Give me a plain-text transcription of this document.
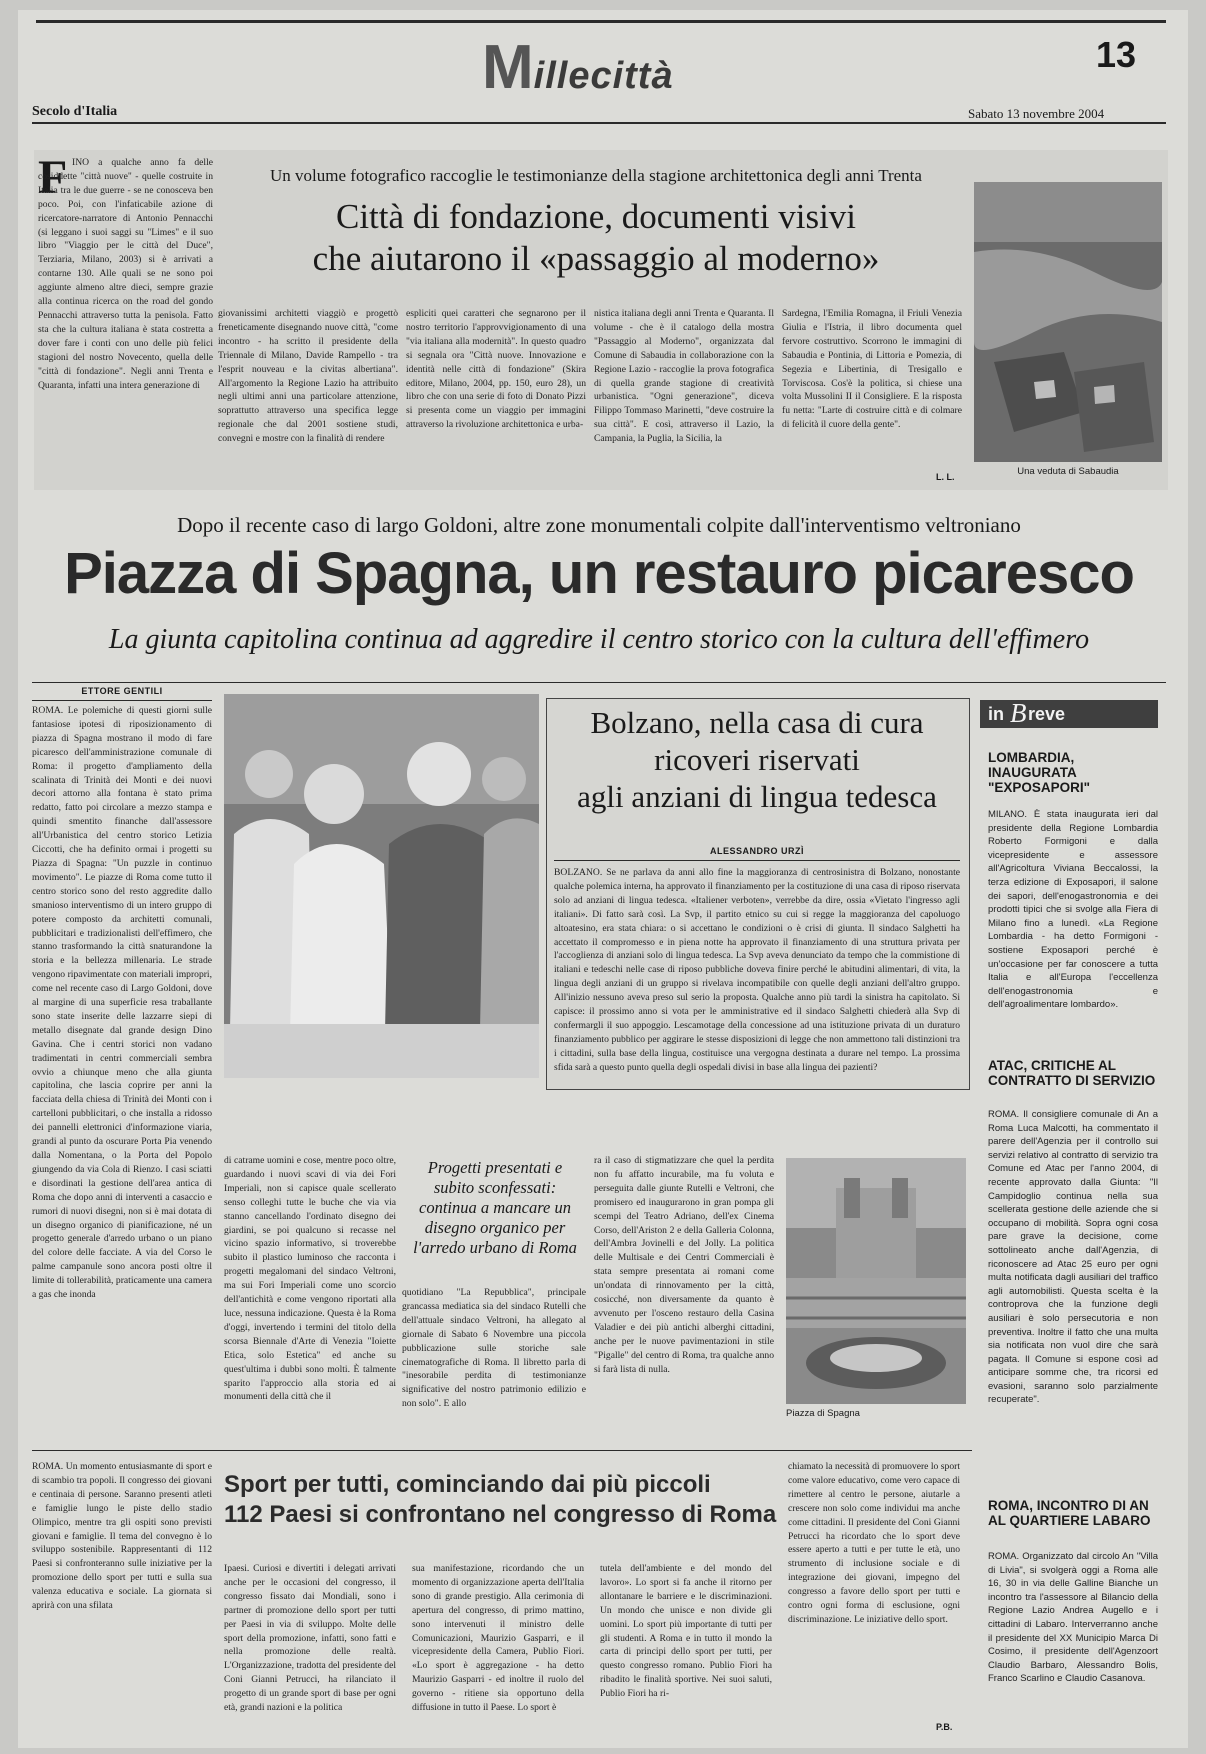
Millecittà
13
Secolo d'Italia	Sabato 13 novembre 2004
F INO a qualche anno fa delle cosiddette "città nuove" - quelle costruite in Italia tra le due guerre - se ne conosceva ben poco. Poi, con l'infaticabile azione di ricercatore-narratore di Antonio Pennacchi (si leggano i suoi saggi su "Limes" e il suo libro "Viaggio per le città del Duce", Terziaria, Milano, 2003) si è arrivati a contarne 130. Alle quali se ne sono poi aggiunte almeno altre dieci, sempre grazie alla continua ricerca on the road del gondo Pennacchi attraverso tutta la penisola. Fatto sta che la cultura italiana è stata costretta a dover fare i conti con uno delle più felici stagioni del nostro Novecento, quella delle "città di fondazione". Negli anni Trenta e Quaranta, infatti una intera generazione di

Un volume fotografico raccoglie le testimonianze della stagione architettonica degli anni Trenta
Città di fondazione, documenti visivi
che aiutarono il «passaggio al moderno»

giovanissimi architetti viaggiò e progettò freneticamente disegnando nuove città, "come incontro - ha scritto il presidente della Triennale di Milano, Davide Rampello - tra l'esprit nouveau e la civitas albertiana". All'argomento la Regione Lazio ha attribuito negli ultimi anni una particolare attenzione, soprattutto attraverso una specifica legge regionale che dal 2001 sostiene studi, convegni e mostre con la finalità di rendere

espliciti quei caratteri che segnarono per il nostro territorio l'approvvigionamento di una "via italiana alla modernità". In questo quadro si segnala ora "Città nuove. Innovazione e identità nelle città di fondazione" (Skira editore, Milano, 2004, pp. 150, euro 28), un libro che con una serie di foto di Donato Pizzi si presenta come un viaggio per immagini attraverso la rivoluzione architettonica e urba-

nistica italiana degli anni Trenta e Quaranta. Il volume - che è il catalogo della mostra "Passaggio al Moderno", organizzata dal Comune di Sabaudia in collaborazione con la Regione Lazio - raccoglie la prova fotografica di quella grande stagione di creatività urbanistica. "Ogni generazione", diceva Filippo Tommaso Marinetti, "deve costruire la sua città". E così, attraverso il Lazio, la Campania, la Puglia, la Sicilia, la

Sardegna, l'Emilia Romagna, il Friuli Venezia Giulia e l'Istria, il libro documenta quel fervore costruttivo. Scorrono le immagini di Sabaudia e Pontinia, di Littoria e Pomezia, di Segezia e Libertinia, di Tresigallo e Torviscosa. Cos'è la politica, si chiese una volta Mussolini II il Consigliere. E la risposta fu netta: "Larte di costruire città e di colmare di felicità il cuore della gente".

L. L.	Una veduta di Sabaudia
Dopo il recente caso di largo Goldoni, altre zone monumentali colpite dall'interventismo veltroniano
Piazza di Spagna, un restauro picaresco
La giunta capitolina continua ad aggredire il centro storico con la cultura dell'effimero
ETTORE GENTILI

ROMA. Le polemiche di questi giorni sulle fantasiose ipotesi di riposizionamento di piazza di Spagna mostrano il modo di fare picaresco dell'amministrazione comunale di Roma: il progetto d'ampliamento della scalinata di Trinità dei Monti e dei nuovi decori attorno alla fontana è stato prima redatto, fatto poi circolare a mezzo stampa e quindi smentito finanche dall'assessore all'Urbanistica del centro storico Letizia Ciccotti, che ha definito ormai i progetti su Piazza di Spagna: "Un puzzle in continuo movimento". Le piazze di Roma come tutto il centro storico sono del resto aggredite dallo smanioso interventismo di un intero gruppo di potere composto da architetti comunali, pubblicitari e tradizionalisti dell'effimero, che stanno trasformando la città snaturandone la storia e la bellezza millenaria. Le strade vengono ripavimentate con materiali impropri, come nel recente caso di Largo Goldoni, dove al margine di una superficie resa traballante sono state inserite delle lazzarre siepi di metallo disegnate dal grande design Dino Gavina. Che i centri storici non vadano tradimentati in centri commerciali sembra ovvio a chiunque meno che alla giunta capitolina, che lascia coprire per anni la facciata della chiesa di Trinità dei Monti con i cartelloni pubblicitari, o che installa a ridosso dei pannelli elettronici d'informazione viaria, grandi al punto da oscurare Porta Pia venendo dalla Nomentana, o la Porta del Popolo giungendo da via Cola di Rienzo. I casi sciatti e disordinati la gestione dell'area antica di Roma che dopo anni di interventi a casaccio e rumori di nuovi disegni, non si è mai dotata di un disegno organico di pianificazione, né un progetto generale d'arredo urbano o un piano del colore delle facciate. A via del Corso le palme campanule sono ancora posti oltre il limite di tollerabilità, praticamente una camera a gas che inonda

Bolzano, nella casa di cura
ricoveri riservati
agli anziani di lingua tedesca
ALESSANDRO URZÌ

BOLZANO. Se ne parlava da anni allo fine la maggioranza di centrosinistra di Bolzano, nonostante qualche polemica interna, ha approvato il finanziamento per la costituzione di una casa di riposo riservata solo ad anziani di lingua tedesca. «Italiener verboten», verrebbe da dire, ossia «Vietato l'ingresso agli italiani». Di fatto sarà così. La Svp, il partito etnico su cui si regge la maggioranza del capoluogo altoatesino, era stata chiara: o si accettano le condizioni o è crisi di giunta. Il sindaco Salghetti ha accettato il compromesso e in piena notte ha approvato il finanziamento di una struttura privata per l'accoglienza di anziani solo di lingua tedesca. La Svp aveva denunciato da tempo che la commistione di italiani e tedeschi nelle case di riposo pubbliche doveva finire perché le abitudini alimentari, di vita, la lingua degli anziani di un gruppo si rivelava incompatibile con quelle degli anziani dell'altro gruppo. All'inizio nessuno aveva preso sul serio la proposta. Qualche anno più tardi la sinistra ha capitolato. Si capisce: il prossimo anno si vota per le amministrative ed il sindaco Salghetti chiederà alla Svp di confermargli il suo appoggio. Lescamotage della concessione ad una istituzione privata di un duraturo finanziamento pubblico per aggirare le stesse disposizioni di legge che non ammettono tali distinzioni tra i cittadini, sulla base della lingua, costituisce una vergogna destinata a durare nel tempo. La prossima sfida sarà a questo punto quella degli ospedali divisi in base alla lingua dei pazienti?

di catrame uomini e cose, mentre poco oltre, guardando i nuovi scavi di via dei Fori Imperiali, non si capisce quale scellerato senso colleghi tutte le buche che via via stanno cancellando l'ordinato disegno dei giardini, se poi qualcuno si recasse nel vicino spazio informativo, si troverebbe subito il plastico luminoso che racconta i progetti megalomani del sindaco Veltroni, ma sui Fori Imperiali come uno scorcio dell'antichità e come vengono riportati alla luce, nessuna indicazione. Questa è la Roma d'oggi, invertendo i termini del titolo della scorsa Biennale d'Arte di Venezia "Ioiette Etica, solo Estetica" ed anche su quest'ultima i dubbi sono molti. È talmente sparito l'approccio alla storia ed ai monumenti della città che il

Progetti presentati e subito sconfessati: continua a mancare un disegno organico per l'arredo urbano di Roma

quotidiano "La Repubblica", principale grancassa mediatica sia del sindaco Rutelli che dell'attuale sindaco Veltroni, ha allegato al giornale di Sabato 6 Novembre una piccola pubblicazione sulle storiche sale cinematografiche di Roma. Il libretto parla di "inesorabile perdita di testimonianze significative del nostro patrimonio edilizio e non solo". E allo

ra il caso di stigmatizzare che quel la perdita non fu affatto incurabile, ma fu voluta e perseguita dalle giunte Rutelli e Veltroni, che promisero ed inaugurarono in gran pompa gli scempi del Teatro Adriano, dell'ex Cinema Corso, dell'Ariston 2 e della Galleria Colonna, dell'Ambra Jovinelli e del Jolly. La politica delle Multisale e dei Centri Commerciali è stata sempre presentata ai romani come un'ondata di rinnovamento per la città, cosicché, non diversamente da quanto è avvenuto per l'osceno restauro della Casina Valadier e dei più antichi alberghi cittadini, anche per le nuove pavimentazioni in stile "Pigalle" del centro di Roma, tra qualche anno si farà lista di nulla.

Piazza di Spagna
in B reve
LOMBARDIA, INAUGURATA "EXPOSAPORI"

MILANO. È stata inaugurata ieri dal presidente della Regione Lombardia Roberto Formigoni e dalla vicepresidente e assessore all'Agricoltura Viviana Beccalossi, la terza edizione di Exposapori, il salone dei sapori, dell'enogastronomia e dei prodotti tipici che si svolge alla Fiera di Milano fino a lunedì. «La Regione Lombardia - ha detto Formigoni - sostiene Exposapori perché è un'occasione per far conoscere a tutta Italia e all'Europa l'eccellenza dell'enogastronomia e dell'agroalimentare lombardo».

ATAC, CRITICHE AL CONTRATTO DI SERVIZIO

ROMA. Il consigliere comunale di An a Roma Luca Malcotti, ha commentato il parere dell'Agenzia per il controllo sui servizi relativo al contratto di servizio tra Comune ed Atac per l'anno 2004, di recente approvato dalla Giunta: "Il Campidoglio continua nella sua scellerata gestione delle aziende che si occupano di mobilità. Sopra ogni cosa pare grave la decisione, come sottolineato anche dall'Agenzia, di riconoscere ad Atac 25 euro per ogni multa notificata dagli ausiliari del traffico agli automobilisti. Questa scelta è la controprova che la funzione degli ausiliari è solo persecutoria e non preventiva. Inoltre il fatto che una multa sia notificata non vuol dire che sarà pagata. Il Comune si espone così ad anticipare somme che, tra ricorsi ed evasioni, saranno solo parzialmente recuperate".

ROMA, INCONTRO DI AN AL QUARTIERE LABARO

ROMA. Organizzato dal circolo An "Villa di Livia", si svolgerà oggi a Roma alle 16, 30 in via delle Galline Bianche un incontro tra l'assessore al Bilancio della Regione Lazio Andrea Augello e i cittadini di Labaro. Interverranno anche il presidente del XX Municipio Marca Di Cosimo, il presidente dell'Agenzoort Claudio Barbaro, Alessandro Bolis, Franco Scarlino e Claudio Casanova.

ROMA. Un momento entusiasmante di sport e di scambio tra popoli. Il congresso dei giovani e centinaia di persone. Saranno presenti atleti e famiglie lungo le piste dello stadio Olimpico, mentre tra gli ospiti sono previsti giovani e famiglie. Il tema del convegno è lo sviluppo sostenibile. Rappresentanti di 112 Paesi si confronteranno sulle iniziative per la promozione dello sport per tutti e sulla sua valenza educativa e sociale. La giornata si aprirà con una sfilata

Sport per tutti, cominciando dai più piccoli
112 Paesi si confrontano nel congresso di Roma

Ipaesi. Curiosi e divertiti i delegati arrivati anche per le occasioni del congresso, il congresso fissato dai Mondiali, sono i partner di promozione dello sport per tutti per Paesi in via di sviluppo. Molte delle sport della promozione, infatti, sono fatti e nella promozione delle realtà. L'Organizzazione, tradotta del presidente del Coni Gianni Petrucci, ha rilanciato il progetto di un grande sport di base per ogni età, grandi nazioni e la politica

sua manifestazione, ricordando che un momento di organizzazione aperta dell'Italia sono di grande prestigio. Alla cerimonia di apertura del congresso, di primo mattino, sono intervenuti il ministro delle Comunicazioni, Maurizio Gasparri, e il vicepresidente della Camera, Publio Fiori. «Lo sport è aggregazione - ha detto Maurizio Gasparri - ed inoltre il ruolo del governo - ritiene sia opportuno della diffusione in tutto il Paese. Lo sport è

tutela dell'ambiente e del mondo del lavoro». Lo sport si fa anche il ritorno per allontanare le barriere e le discriminazioni. Un mondo che unisce e non divide gli uomini. Lo sport più importante di tutti per gli studenti. A Roma e in tutto il mondo la carta di principi dello sport per tutti, per questo congresso romano. Publio Fiori ha ribadito le finalità sportive. Nei suoi saluti, Publio Fiori ha ri-

chiamato la necessità di promuovere lo sport come valore educativo, come vero capace di rimettere al centro le persone, aiutarle a crescere non solo come individui ma anche come cittadini. Il presidente del Coni Gianni Petrucci ha ricordato che lo sport deve essere aperto a tutti e per tutte le età, uno strumento di inclusione sociale e di integrazione dei giovani, impegno del congresso a favore dello sport per tutti e contro ogni forma di esclusione, ogni discriminazione. Le iniziative dello sport.

P.B.
